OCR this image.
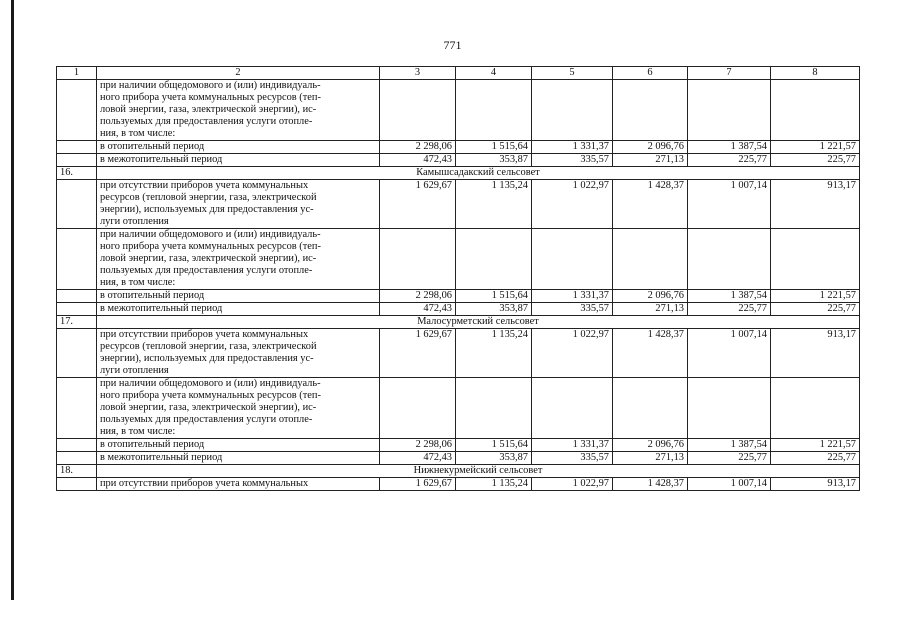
771
1	2	3	4	5	6	7	8

	при наличии общедомового и (или) индивидуаль-
ного прибора учета коммунальных ресурсов (теп-
ловой энергии, газа, электрической энергии), ис-
пользуемых для предоставления услуги отопле-
ния, в том числе:						

	в отопительный период	2 298,06	1 515,64	1 331,37	2 096,76	1 387,54	1 221,57
	в межотопительный период	472,43	353,87	335,57	271,13	225,77	225,77
16.	Камышсадакский сельсовет						

	при отсутствии приборов учета коммунальных
ресурсов (тепловой энергии, газа, электрической
энергии), используемых для предоставления ус-
луги отопления	1 629,67	1 135,24	1 022,97	1 428,37	1 007,14	913,17

	при наличии общедомового и (или) индивидуаль-
ного прибора учета коммунальных ресурсов (теп-
ловой энергии, газа, электрической энергии), ис-
пользуемых для предоставления услуги отопле-
ния, в том числе:						

	в отопительный период	2 298,06	1 515,64	1 331,37	2 096,76	1 387,54	1 221,57
	в межотопительный период	472,43	353,87	335,57	271,13	225,77	225,77
17.	Малосурметский сельсовет						

	при отсутствии приборов учета коммунальных
ресурсов (тепловой энергии, газа, электрической
энергии), используемых для предоставления ус-
луги отопления	1 629,67	1 135,24	1 022,97	1 428,37	1 007,14	913,17

	при наличии общедомового и (или) индивидуаль-
ного прибора учета коммунальных ресурсов (теп-
ловой энергии, газа, электрической энергии), ис-
пользуемых для предоставления услуги отопле-
ния, в том числе:						

	в отопительный период	2 298,06	1 515,64	1 331,37	2 096,76	1 387,54	1 221,57
	в межотопительный период	472,43	353,87	335,57	271,13	225,77	225,77
18.	Нижнекурмейский сельсовет						
	при отсутствии приборов учета коммунальных	1 629,67	1 135,24	1 022,97	1 428,37	1 007,14	913,17
